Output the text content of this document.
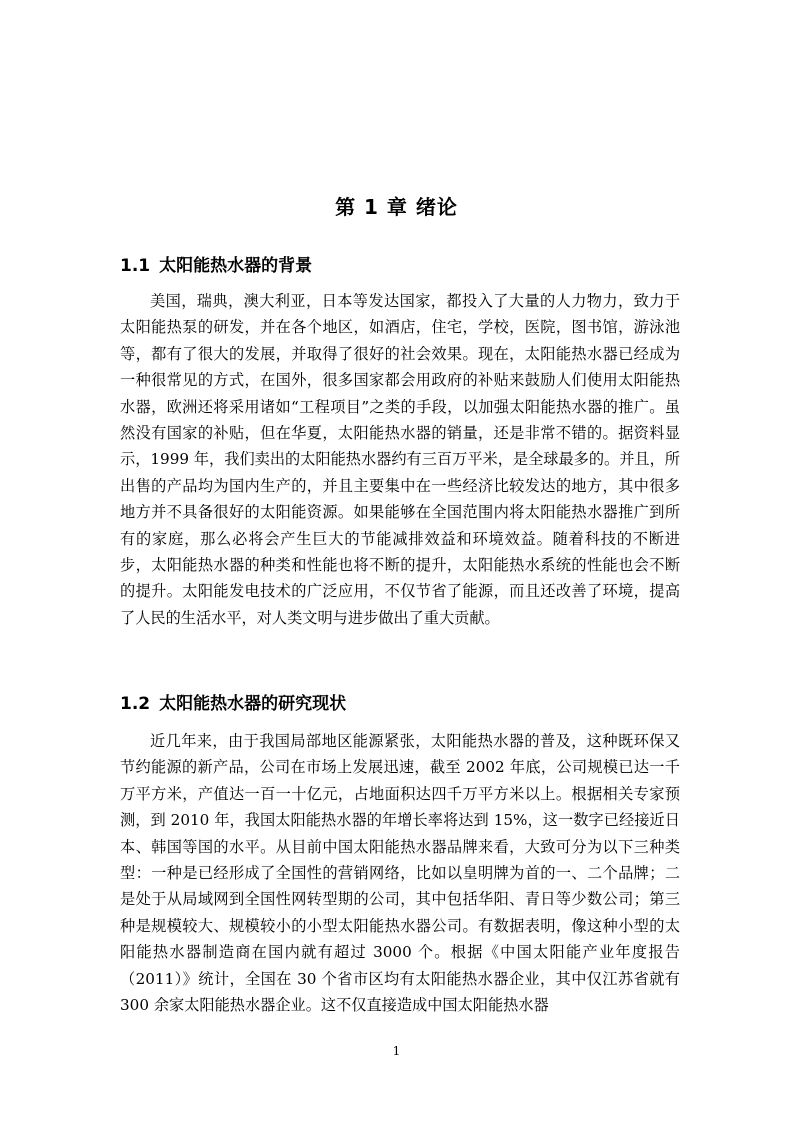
第 1 章 绪论
1.1 太阳能热水器的背景

美国，瑞典，澳大利亚，日本等发达国家，都投入了大量的人力物力，致力于太阳能热泵的研发，并在各个地区，如酒店，住宅，学校，医院，图书馆，游泳池等，都有了很大的发展，并取得了很好的社会效果。现在，太阳能热水器已经成为一种很常见的方式，在国外，很多国家都会用政府的补贴来鼓励人们使用太阳能热水器，欧洲还将采用诸如“工程项目”之类的手段，以加强太阳能热水器的推广。虽然没有国家的补贴，但在华夏，太阳能热水器的销量，还是非常不错的。据资料显示，1999 年，我们卖出的太阳能热水器约有三百万平米，是全球最多的。并且，所出售的产品均为国内生产的，并且主要集中在一些经济比较发达的地方，其中很多地方并不具备很好的太阳能资源。如果能够在全国范围内将太阳能热水器推广到所有的家庭，那么必将会产生巨大的节能减排效益和环境效益。随着科技的不断进步，太阳能热水器的种类和性能也将不断的提升，太阳能热水系统的性能也会不断的提升。太阳能发电技术的广泛应用，不仅节省了能源，而且还改善了环境，提高了人民的生活水平，对人类文明与进步做出了重大贡献。

1.2 太阳能热水器的研究现状

近几年来，由于我国局部地区能源紧张，太阳能热水器的普及，这种既环保又节约能源的新产品，公司在市场上发展迅速，截至 2002 年底，公司规模已达一千万平方米，产值达一百一十亿元，占地面积达四千万平方米以上。根据相关专家预测，到 2010 年，我国太阳能热水器的年增长率将达到 15%，这一数字已经接近日本、韩国等国的水平。从目前中国太阳能热水器品牌来看，大致可分为以下三种类型：一种是已经形成了全国性的营销网络，比如以皇明牌为首的一、二个品牌；二是处于从局域网到全国性网转型期的公司，其中包括华阳、青日等少数公司；第三种是规模较大、规模较小的小型太阳能热水器公司。有数据表明，像这种小型的太阳能热水器制造商在国内就有超过 3000 个。根据《中国太阳能产业年度报告（2011）》统计，全国在 30 个省市区均有太阳能热水器企业，其中仅江苏省就有 300 余家太阳能热水器企业。这不仅直接造成中国太阳能热水器

1
